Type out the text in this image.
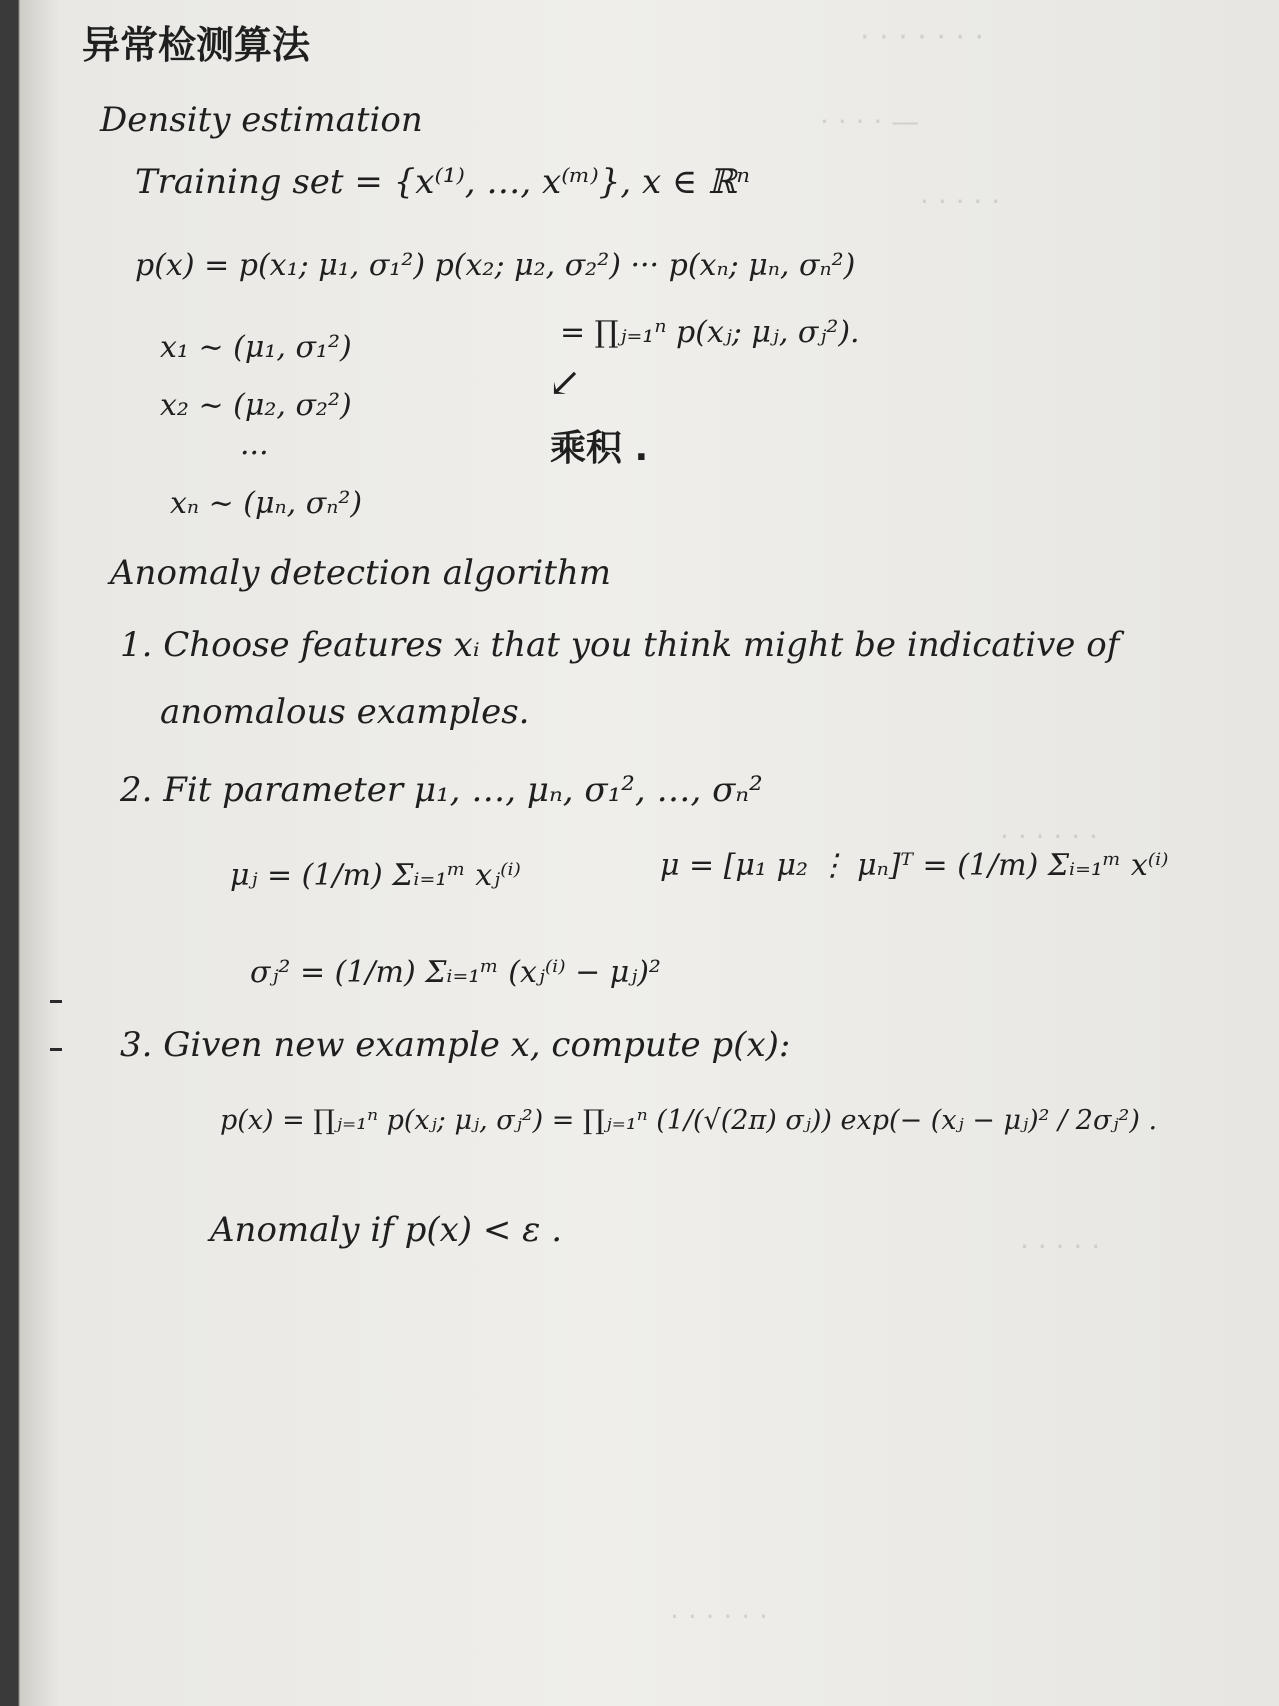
· · · · · · ·
— · · · ·
· · · · ·
· · · · · ·
· · · · ·
· · · · · ·
异常检测算法
Density estimation
Training set = {x⁽¹⁾, …, x⁽ᵐ⁾}, x ∈ ℝⁿ
p(x) = p(x₁; μ₁, σ₁²) p(x₂; μ₂, σ₂²) ··· p(xₙ; μₙ, σₙ²)
= ∏ⱼ₌₁ⁿ p(xⱼ; μⱼ, σⱼ²).
x₁ ~ (μ₁, σ₁²)
x₂ ~ (μ₂, σ₂²)
···
xₙ ~ (μₙ, σₙ²)
↙
乘积 .
Anomaly detection algorithm
1. Choose features xᵢ that you think might be indicative of
anomalous examples.
2. Fit parameter μ₁, …, μₙ, σ₁², …, σₙ²
μⱼ = (1/m) Σᵢ₌₁ᵐ xⱼ⁽ⁱ⁾	μ = [μ₁ μ₂ ⋮ μₙ]ᵀ = (1/m) Σᵢ₌₁ᵐ x⁽ⁱ⁾
σⱼ² = (1/m) Σᵢ₌₁ᵐ (xⱼ⁽ⁱ⁾ − μⱼ)²
3. Given new example x, compute p(x):
p(x) = ∏ⱼ₌₁ⁿ p(xⱼ; μⱼ, σⱼ²) = ∏ⱼ₌₁ⁿ (1/(√(2π) σⱼ)) exp(− (xⱼ − μⱼ)² / 2σⱼ²) .
Anomaly if p(x) < ε .
